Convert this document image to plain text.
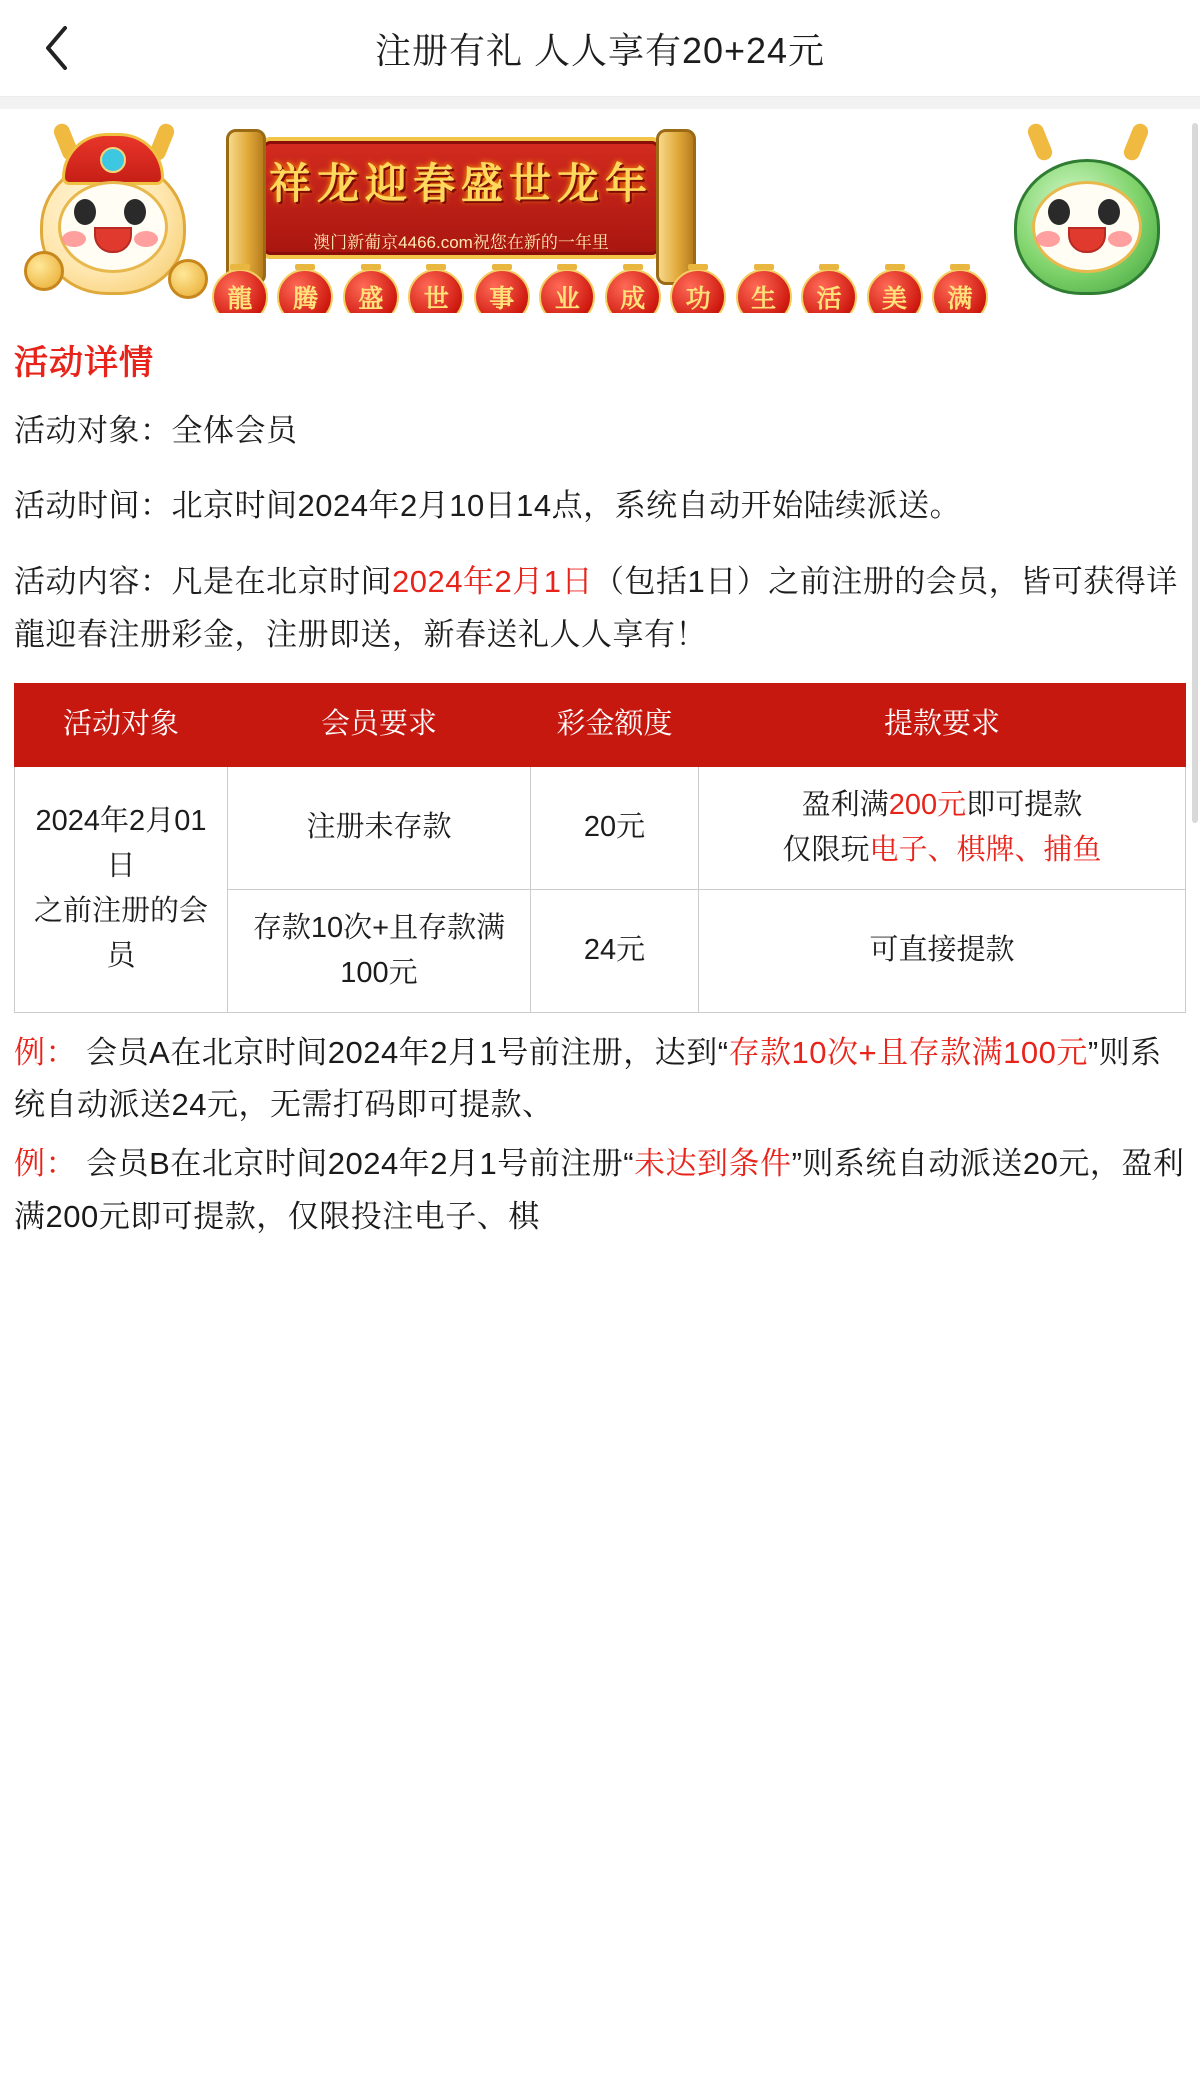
注册有礼 人人享有20+24元
祥龙迎春盛世龙年
澳门新葡京4466.com祝您在新的一年里
龍	腾	盛	世	事	业	成	功	生	活	美	满
活动详情

活动对象：全体会员

活动时间：北京时间2024年2月10日14点，系统自动开始陆续派送。

活动内容：凡是在北京时间2024年2月1日（包括1日）之前注册的会员，皆可获得详龍迎春注册彩金，注册即送，新春送礼人人享有！

活动对象	会员要求	彩金额度	提款要求
2024年2月01日
之前注册的会员	注册未存款	20元	盈利满200元即可提款
仅限玩电子、棋牌、捕鱼
	存款10次+且存款满100元	24元	可直接提款

例： 会员A在北京时间2024年2月1号前注册，达到“存款10次+且存款满100元”则系统自动派送24元，无需打码即可提款、

例： 会员B在北京时间2024年2月1号前注册“未达到条件”则系统自动派送20元，盈利满200元即可提款，仅限投注电子、棋
